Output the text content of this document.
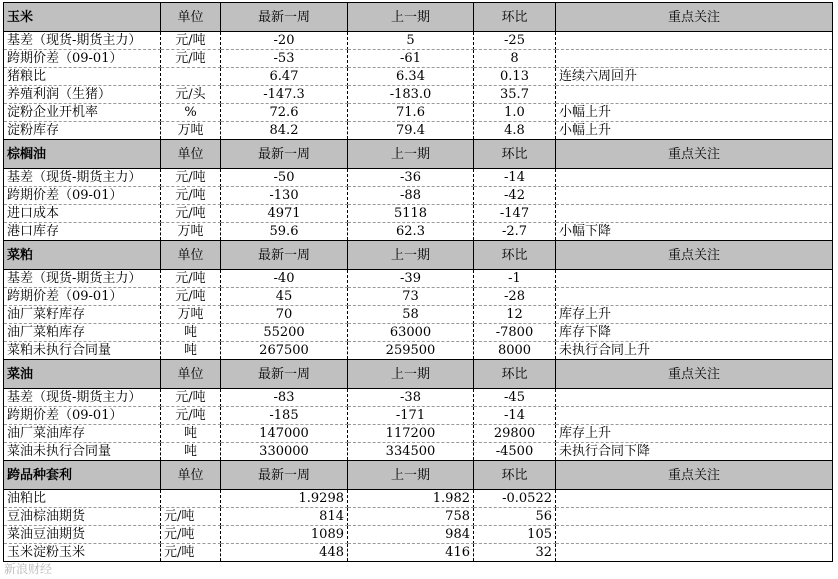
玉米	单位	最新一周	上一期	环比	重点关注
基差（现货-期货主力）	元/吨	-20	5	-25	
跨期价差（09-01）	元/吨	-53	-61	8	
猪粮比		6.47	6.34	0.13	连续六周回升
养殖利润（生猪）	元/头	-147.3	-183.0	35.7	
淀粉企业开机率	%	72.6	71.6	1.0	小幅上升
淀粉库存	万吨	84.2	79.4	4.8	小幅上升
棕榈油	单位	最新一周	上一期	环比	重点关注
基差（现货-期货主力）	元/吨	-50	-36	-14	
跨期价差（09-01）	元/吨	-130	-88	-42	
进口成本	元/吨	4971	5118	-147	
港口库存	万吨	59.6	62.3	-2.7	小幅下降
菜粕	单位	最新一周	上一期	环比	重点关注
基差（现货-期货主力）	元/吨	-40	-39	-1	
跨期价差（09-01）	元/吨	45	73	-28	
油厂菜籽库存	万吨	70	58	12	库存上升
油厂菜粕库存	吨	55200	63000	-7800	库存下降
菜粕未执行合同量	吨	267500	259500	8000	未执行合同上升
菜油	单位	最新一周	上一期	环比	重点关注
基差（现货-期货主力）	元/吨	-83	-38	-45	
跨期价差（09-01）	元/吨	-185	-171	-14	
油厂菜油库存	吨	147000	117200	29800	库存上升
菜油未执行合同量	吨	330000	334500	-4500	未执行合同下降
跨品种套利	单位	最新一周	上一期	环比	重点关注
油粕比		1.9298	1.982	-0.0522	
豆油棕油期货	元/吨	814	758	56	
菜油豆油期货	元/吨	1089	984	105	
玉米淀粉玉米	元/吨	448	416	32	
新浪财经
